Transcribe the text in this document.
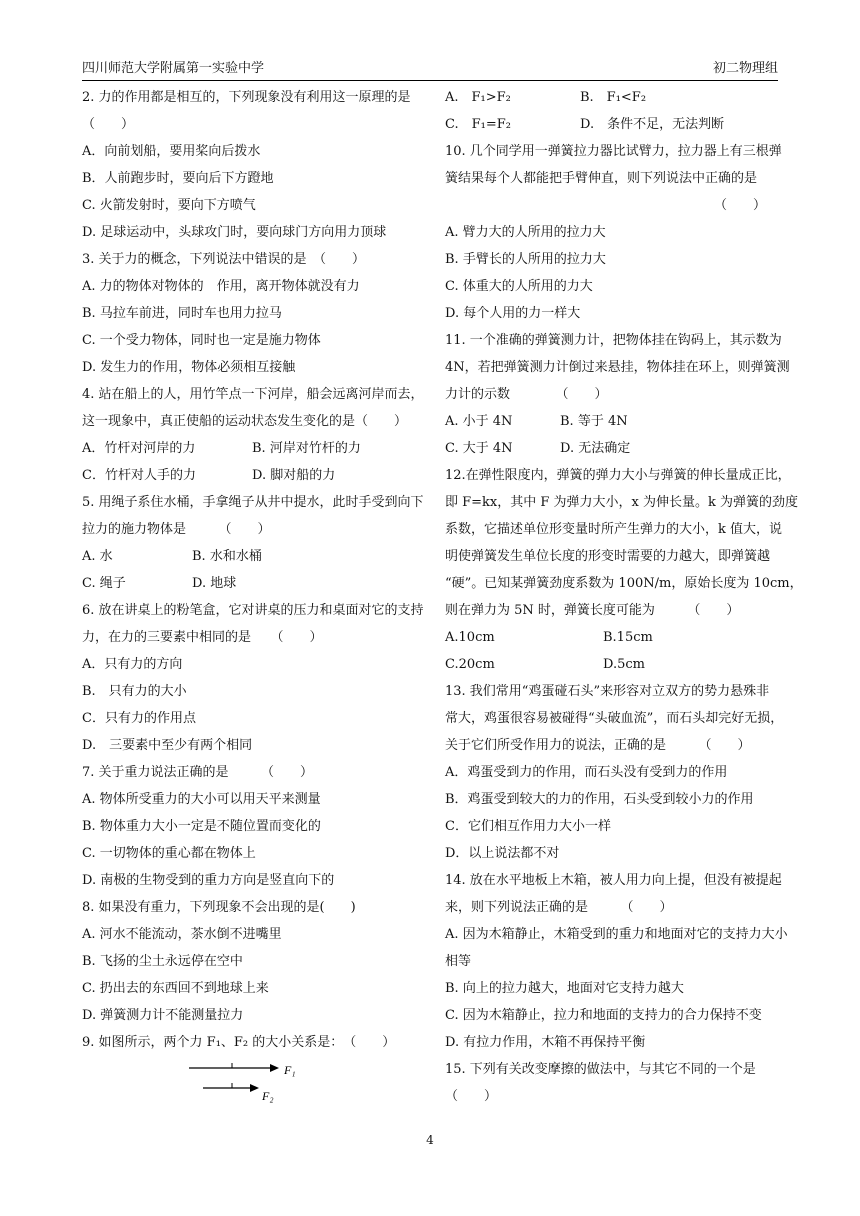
四川师范大学附属第一实验中学	初二物理组
2. 力的作用都是相互的，下列现象没有利用这一原理的是
（　　）
A．向前划船，要用桨向后拨水
B．人前跑步时，要向后下方蹬地
C. 火箭发射时，要向下方喷气
D. 足球运动中，头球攻门时，要向球门方向用力顶球
3. 关于力的概念，下列说法中错误的是　（　　）
A. 力的物体对物体的　作用，离开物体就没有力
B. 马拉车前进，同时车也用力拉马
C. 一个受力物体，同时也一定是施力物体
D. 发生力的作用，物体必须相互接触
4. 站在船上的人，用竹竿点一下河岸，船会远离河岸而去，
这一现象中，真正使船的运动状态发生变化的是（　　）
A．竹杆对河岸的力	B. 河岸对竹杆的力
C．竹杆对人手的力	D. 脚对船的力
5. 用绳子系住水桶，手拿绳子从井中提水，此时手受到向下
拉力的施力物体是　　　（　　）
A. 水	B. 水和水桶
C. 绳子	D. 地球
6. 放在讲桌上的粉笔盒，它对讲桌的压力和桌面对它的支持
力，在力的三要素中相同的是　　（　　）
A．只有力的方向
B.　只有力的大小
C．只有力的作用点
D.　三要素中至少有两个相同
7. 关于重力说法正确的是　　　（　　）
A. 物体所受重力的大小可以用天平来测量
B. 物体重力大小一定是不随位置而变化的
C. 一切物体的重心都在物体上
D. 南极的生物受到的重力方向是竖直向下的
8. 如果没有重力，下列现象不会出现的是(　　)
A. 河水不能流动，茶水倒不进嘴里
B. 飞扬的尘土永远停在空中
C. 扔出去的东西回不到地球上来
D. 弹簧测力计不能测量拉力
9. 如图所示，两个力 F₁、F₂ 的大小关系是：　（　　）
F₁
F₂
A.　F₁>F₂	B.　F₁<F₂
C.　F₁=F₂	D.　条件不足，无法判断
10. 几个同学用一弹簧拉力器比试臂力，拉力器上有三根弹
簧结果每个人都能把手臂伸直，则下列说法中正确的是
（　　）
A. 臂力大的人所用的拉力大
B. 手臂长的人所用的拉力大
C. 体重大的人所用的力大
D. 每个人用的力一样大
11. 一个准确的弹簧测力计，把物体挂在钩码上，其示数为
4N，若把弹簧测力计倒过来悬挂，物体挂在环上，则弹簧测
力计的示数　　　　（　　）
A. 小于 4N	B. 等于 4N
C. 大于 4N	D. 无法确定
12.在弹性限度内，弹簧的弹力大小与弹簧的伸长量成正比，
即 F=kx，其中 F 为弹力大小，x 为伸长量。k 为弹簧的劲度
系数，它描述单位形变量时所产生弹力的大小，k 值大，说
明使弹簧发生单位长度的形变时需要的力越大，即弹簧越
“硬”。已知某弹簧劲度系数为 100N/m，原始长度为 10cm，
则在弹力为 5N 时，弹簧长度可能为　　　（　　）
A.10cm	B.15cm
C.20cm	D.5cm
13. 我们常用“鸡蛋碰石头”来形容对立双方的势力悬殊非
常大，鸡蛋很容易被碰得“头破血流”，而石头却完好无损，
关于它们所受作用力的说法，正确的是　　　（　　）
A．鸡蛋受到力的作用，而石头没有受到力的作用
B．鸡蛋受到较大的力的作用，石头受到较小力的作用
C．它们相互作用力大小一样
D．以上说法都不对
14. 放在水平地板上木箱，被人用力向上提，但没有被提起
来，则下列说法正确的是　　　（　　）
A. 因为木箱静止，木箱受到的重力和地面对它的支持力大小
相等
B. 向上的拉力越大，地面对它支持力越大
C. 因为木箱静止，拉力和地面的支持力的合力保持不变
D. 有拉力作用，木箱不再保持平衡
15. 下列有关改变摩擦的做法中，与其它不同的一个是
（　　）
4
